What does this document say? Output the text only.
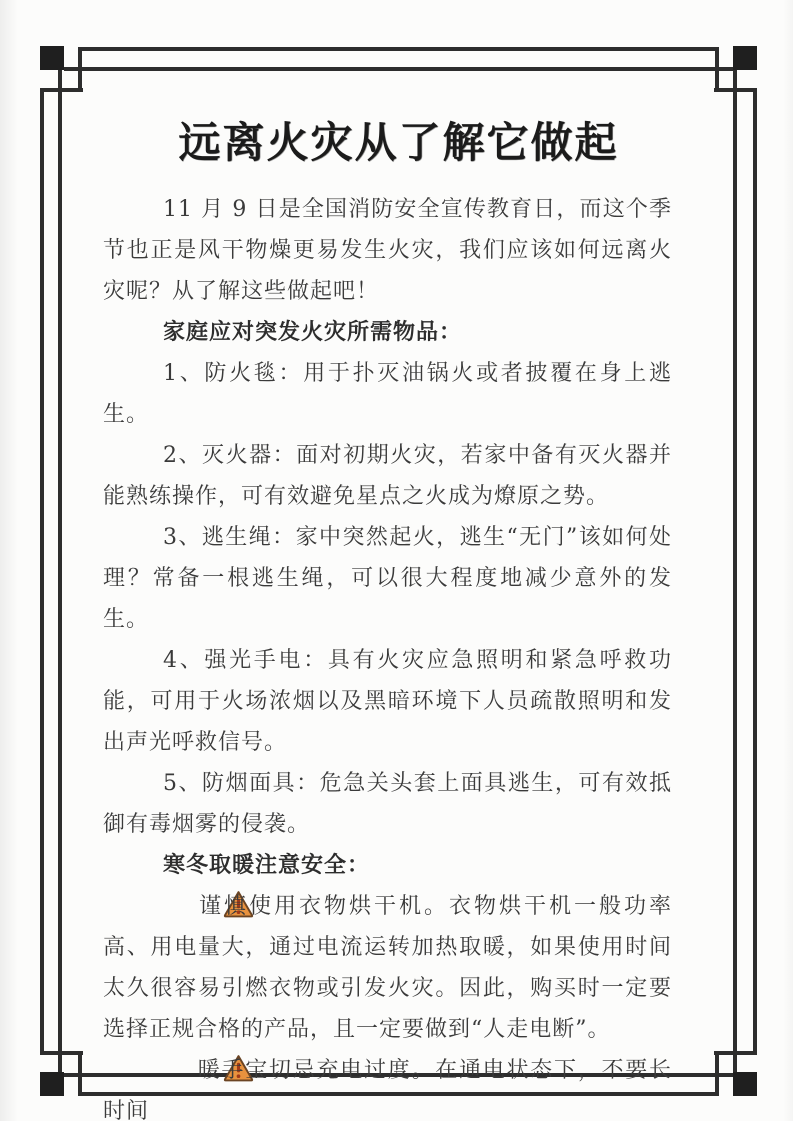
远离火灾从了解它做起

11 月 9 日是全国消防安全宣传教育日，而这个季节也正是风干物燥更易发生火灾，我们应该如何远离火灾呢？从了解这些做起吧！

家庭应对突发火灾所需物品：

1、防火毯：用于扑灭油锅火或者披覆在身上逃生。

2、灭火器：面对初期火灾，若家中备有灭火器并能熟练操作，可有效避免星点之火成为燎原之势。

3、逃生绳：家中突然起火，逃生“无门”该如何处理？常备一根逃生绳，可以很大程度地减少意外的发生。

4、强光手电：具有火灾应急照明和紧急呼救功能，可用于火场浓烟以及黑暗环境下人员疏散照明和发出声光呼救信号。

5、防烟面具：危急关头套上面具逃生，可有效抵御有毒烟雾的侵袭。

寒冬取暖注意安全：

谨慎使用衣物烘干机。衣物烘干机一般功率高、用电量大，通过电流运转加热取暖，如果使用时间太久很容易引燃衣物或引发火灾。因此，购买时一定要选择正规合格的产品，且一定要做到“人走电断”。

暖手宝切忌充电过度。在通电状态下，不要长时间
